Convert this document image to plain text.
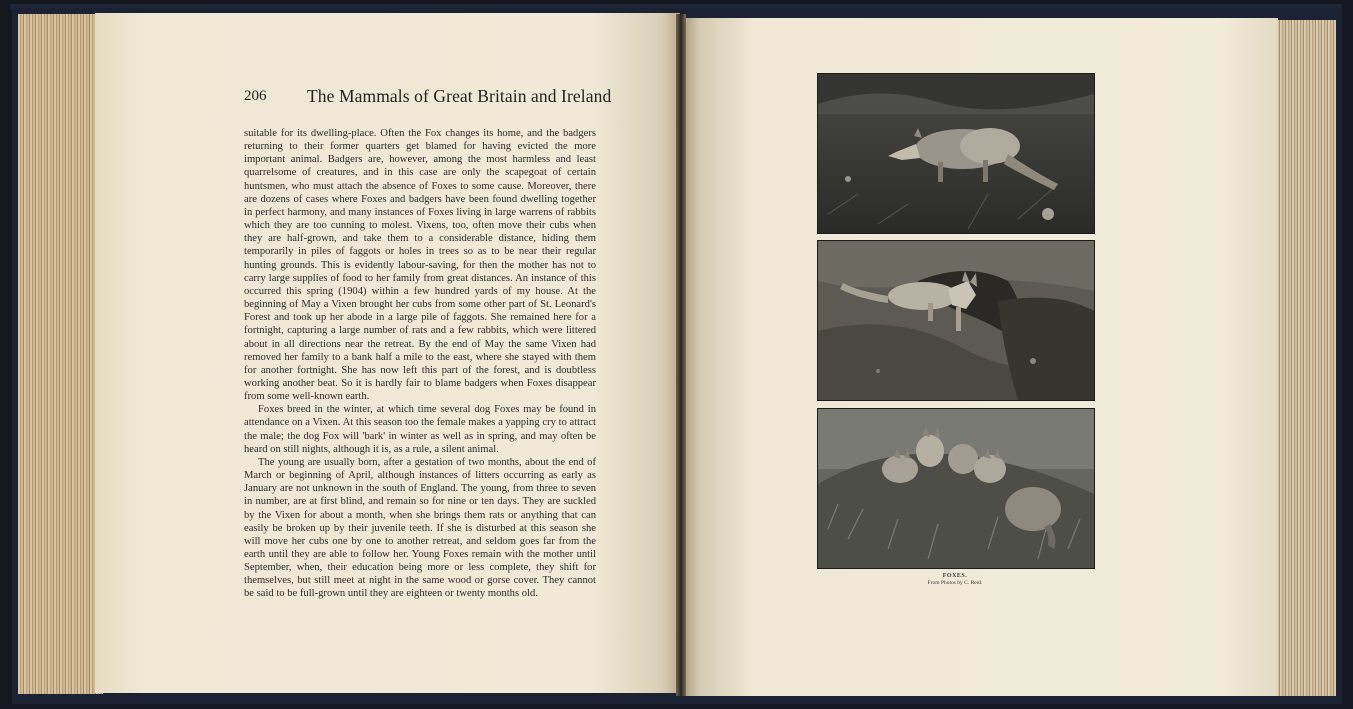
206 The Mammals of Great Britain and Ireland

suitable for its dwelling-place. Often the Fox changes its home, and the badgers returning to their former quarters get blamed for having evicted the more important animal. Badgers are, however, among the most harmless and least quarrelsome of creatures, and in this case are only the scapegoat of certain huntsmen, who must attach the absence of Foxes to some cause. Moreover, there are dozens of cases where Foxes and badgers have been found dwelling together in perfect harmony, and many instances of Foxes living in large warrens of rabbits which they are too cunning to molest. Vixens, too, often move their cubs when they are half-grown, and take them to a considerable distance, hiding them temporarily in piles of faggots or holes in trees so as to be near their regular hunting grounds. This is evidently labour-saving, for then the mother has not to carry large supplies of food to her family from great distances. An instance of this occurred this spring (1904) within a few hundred yards of my house. At the beginning of May a Vixen brought her cubs from some other part of St. Leonard's Forest and took up her abode in a large pile of faggots. She remained here for a fortnight, capturing a large number of rats and a few rabbits, which were littered about in all directions near the retreat. By the end of May the same Vixen had removed her family to a bank half a mile to the east, where she stayed with them for another fortnight. She has now left this part of the forest, and is doubtless working another beat. So it is hardly fair to blame badgers when Foxes disappear from some well-known earth.

Foxes breed in the winter, at which time several dog Foxes may be found in attendance on a Vixen. At this season too the female makes a yapping cry to attract the male; the dog Fox will 'bark' in winter as well as in spring, and may often be heard on still nights, although it is, as a rule, a silent animal.

The young are usually born, after a gestation of two months, about the end of March or beginning of April, although instances of litters occurring as early as January are not unknown in the south of England. The young, from three to seven in number, are at first blind, and remain so for nine or ten days. They are suckled by the Vixen for about a month, when she brings them rats or anything that can easily be broken up by their juvenile teeth. If she is disturbed at this season she will move her cubs one by one to another retreat, and seldom goes far from the earth until they are able to follow her. Young Foxes remain with the mother until September, when, their education being more or less complete, they shift for themselves, but still meet at night in the same wood or gorse cover. They cannot be said to be full-grown until they are eighteen or twenty months old.

FOXES.
From Photos by C. Reid.
